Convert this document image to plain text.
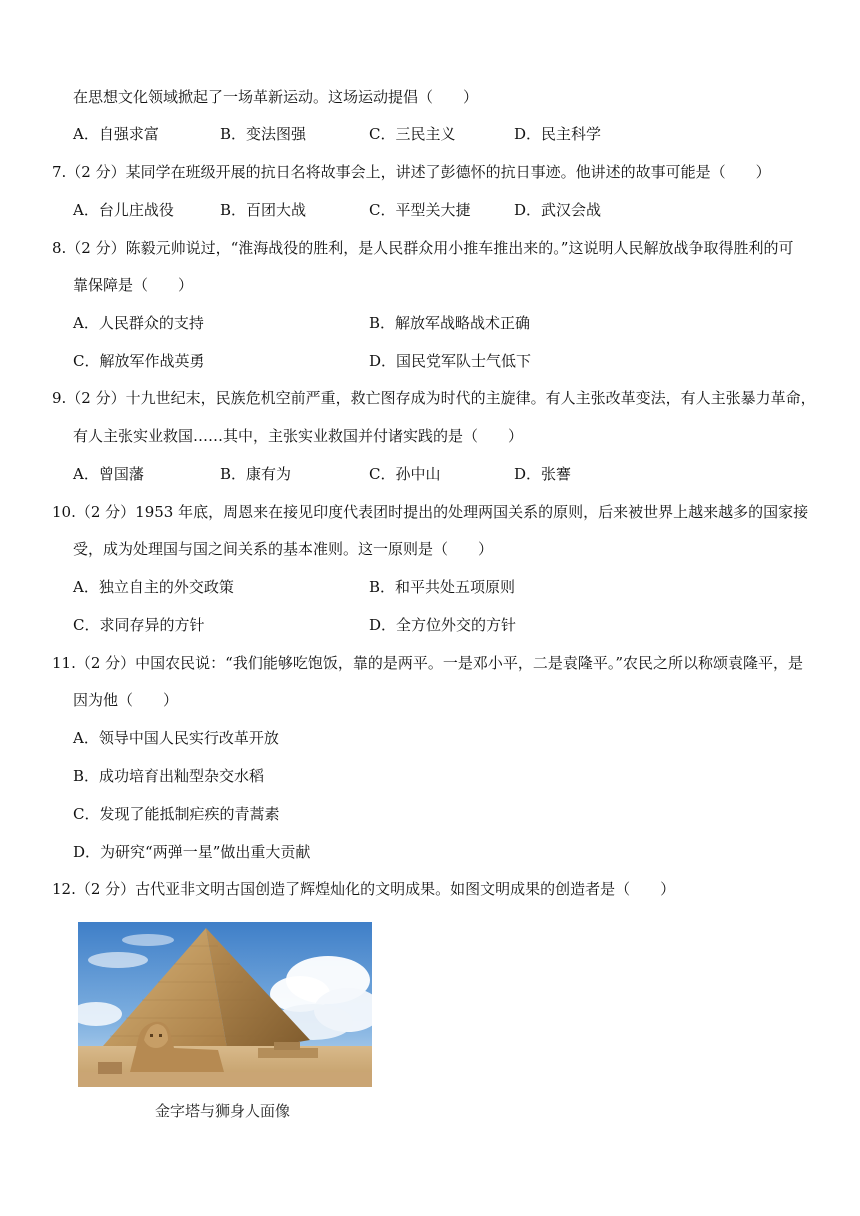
在思想文化领域掀起了一场革新运动。这场运动提倡（　　）
A．自强求富	B．变法图强	C．三民主义	D．民主科学
7.（2 分）某同学在班级开展的抗日名将故事会上，讲述了彭德怀的抗日事迹。他讲述的故事可能是（　　）
A．台儿庄战役	B．百团大战	C．平型关大捷	D．武汉会战
8.（2 分）陈毅元帅说过，“淮海战役的胜利，是人民群众用小推车推出来的。”这说明人民解放战争取得胜利的可
靠保障是（　　）
A．人民群众的支持	B．解放军战略战术正确
C．解放军作战英勇	D．国民党军队士气低下
9.（2 分）十九世纪末，民族危机空前严重，救亡图存成为时代的主旋律。有人主张改革变法，有人主张暴力革命，
有人主张实业救国……其中，主张实业救国并付诸实践的是（　　）
A．曾国藩	B．康有为	C．孙中山	D．张謇
10.（2 分）1953 年底，周恩来在接见印度代表团时提出的处理两国关系的原则，后来被世界上越来越多的国家接
受，成为处理国与国之间关系的基本准则。这一原则是（　　）
A．独立自主的外交政策	B．和平共处五项原则
C．求同存异的方针	D．全方位外交的方针
11.（2 分）中国农民说：“我们能够吃饱饭，靠的是两平。一是邓小平，二是袁隆平。”农民之所以称颂袁隆平，是
因为他（　　）
A．领导中国人民实行改革开放
B．成功培育出籼型杂交水稻
C．发现了能抵制疟疾的青蒿素
D．为研究“两弹一星”做出重大贡献
12.（2 分）古代亚非文明古国创造了辉煌灿化的文明成果。如图文明成果的创造者是（　　）
金字塔与狮身人面像
